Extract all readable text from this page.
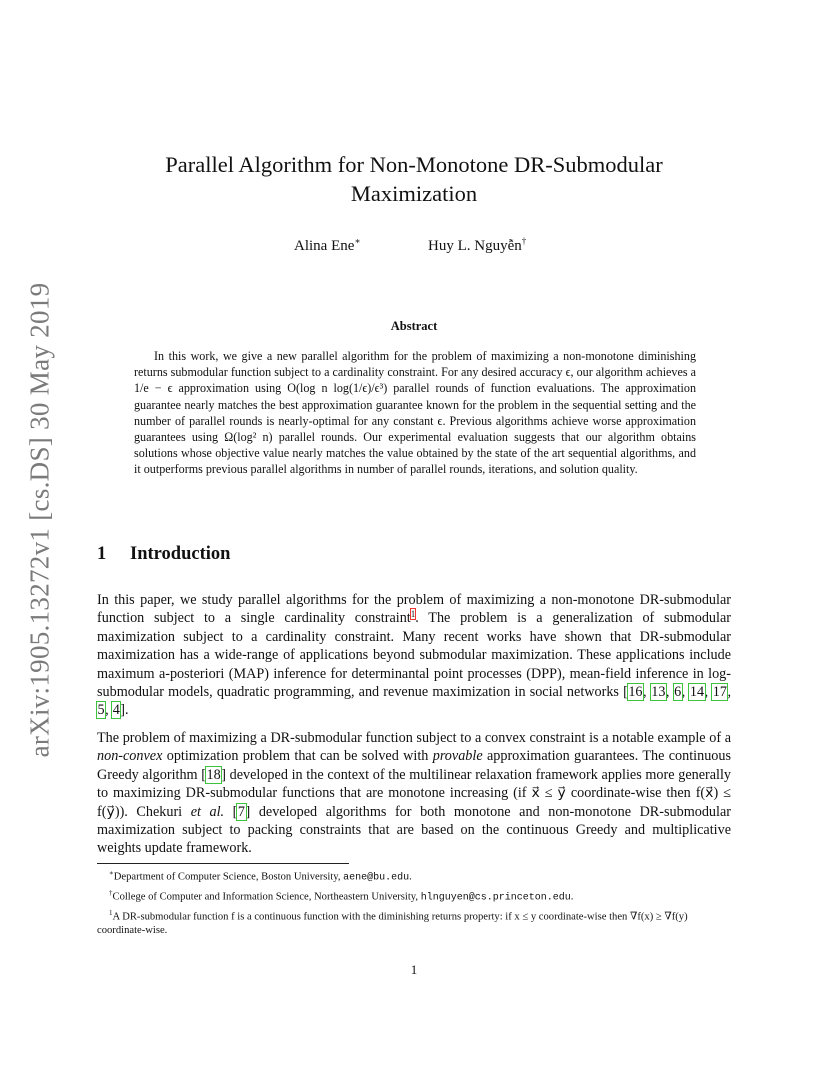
arXiv:1905.13272v1 [cs.DS] 30 May 2019
Parallel Algorithm for Non-Monotone DR-Submodular
Maximization
Alina Ene∗	Huy L. Nguyễn†
Abstract
In this work, we give a new parallel algorithm for the problem of maximizing a non-monotone diminishing returns submodular function subject to a cardinality constraint. For any desired accuracy ϵ, our algorithm achieves a 1/e − ϵ approximation using O(log n log(1/ϵ)/ϵ³) parallel rounds of function evaluations. The approximation guarantee nearly matches the best approximation guarantee known for the problem in the sequential setting and the number of parallel rounds is nearly-optimal for any constant ϵ. Previous algorithms achieve worse approximation guarantees using Ω(log² n) parallel rounds. Our experimental evaluation suggests that our algorithm obtains solutions whose objective value nearly matches the value obtained by the state of the art sequential algorithms, and it outperforms previous parallel algorithms in number of parallel rounds, iterations, and solution quality.
1 Introduction
In this paper, we study parallel algorithms for the problem of maximizing a non-monotone DR-submodular function subject to a single cardinality constraint$^1$. The problem is a generalization of submodular maximization subject to a cardinality constraint. Many recent works have shown that DR-submodular maximization has a wide-range of applications beyond submodular maximization. These applications include maximum a-posteriori (MAP) inference for determinantal point processes (DPP), mean-field inference in log-submodular models, quadratic programming, and revenue maximization in social networks [16, 13, 6, 14, 17, 5, 4].
The problem of maximizing a DR-submodular function subject to a convex constraint is a notable example of a non-convex optimization problem that can be solved with provable approximation guarantees. The continuous Greedy algorithm [18] developed in the context of the multilinear relaxation framework applies more generally to maximizing DR-submodular functions that are monotone increasing (if x⃗ ≤ y⃗ coordinate-wise then f(x⃗) ≤ f(y⃗)). Chekuri et al. [7] developed algorithms for both monotone and non-monotone DR-submodular maximization subject to packing constraints that are based on the continuous Greedy and multiplicative weights update framework.
∗Department of Computer Science, Boston University, aene@bu.edu.
†College of Computer and Information Science, Northeastern University, hlnguyen@cs.princeton.edu.
$^1$A DR-submodular function f is a continuous function with the diminishing returns property: if x ≤ y coordinate-wise then ∇f(x) ≥ ∇f(y) coordinate-wise.
1
